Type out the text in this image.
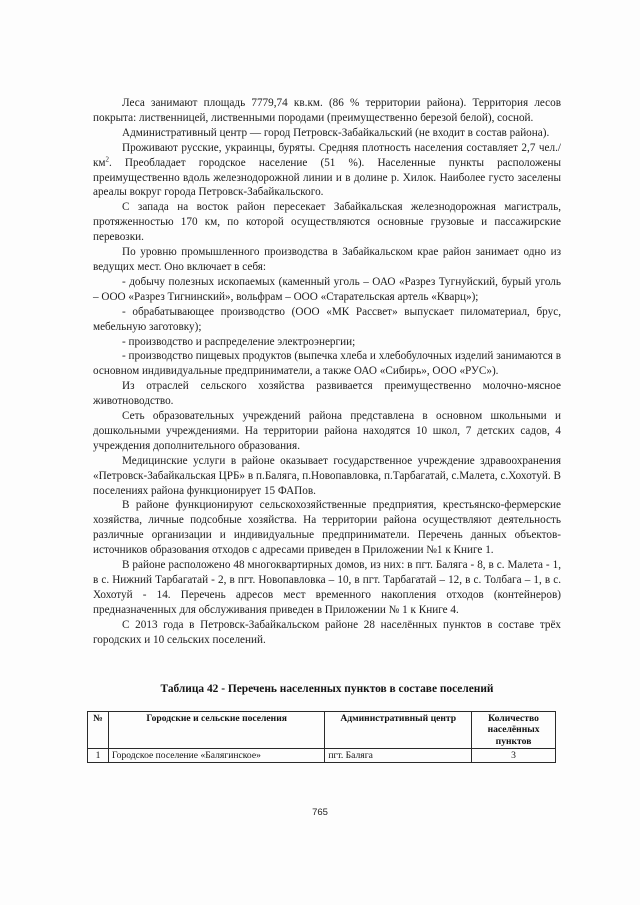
Леса занимают площадь 7779,74 кв.км. (86 % территории района). Территория лесов покрыта: лиственницей, лиственными породами (преимущественно березой белой), сосной.

Административный центр — город Петровск-Забайкальский (не входит в состав района).

Проживают русские, украинцы, буряты. Средняя плотность населения составляет 2,7 $чел./км^2$. Преобладает городское население (51 %). Населенные пункты расположены преимущественно вдоль железнодорожной линии и в долине р. Хилок. Наиболее густо заселены ареалы вокруг города Петровск-Забайкальского.

С запада на восток район пересекает Забайкальская железнодорожная магистраль, протяженностью 170 км, по которой осуществляются основные грузовые и пассажирские перевозки.

По уровню промышленного производства в Забайкальском крае район занимает одно из ведущих мест. Оно включает в себя:

- добычу полезных ископаемых (каменный уголь – ОАО «Разрез Тугнуйский, бурый уголь – ООО «Разрез Тигнинский», вольфрам – ООО «Старательская артель «Кварц»);

- обрабатывающее производство (ООО «МК Рассвет» выпускает пиломатериал, брус, мебельную заготовку);

- производство и распределение электроэнергии;

- производство пищевых продуктов (выпечка хлеба и хлебобулочных изделий занимаются в основном индивидуальные предприниматели, а также ОАО «Сибирь», ООО «РУС»).

Из отраслей сельского хозяйства развивается преимущественно молочно-мясное животноводство.

Сеть образовательных учреждений района представлена в основном школьными и дошкольными учреждениями. На территории района находятся 10 школ, 7 детских садов, 4 учреждения дополнительного образования.

Медицинские услуги в районе оказывает государственное учреждение здравоохранения «Петровск-Забайкальская ЦРБ» в п.Баляга, п.Новопавловка, п.Тарбагатай, с.Малета, с.Хохотуй. В поселениях района функционирует 15 ФАПов.

В районе функционируют сельскохозяйственные предприятия, крестьянско-фермерские хозяйства, личные подсобные хозяйства. На территории района осуществляют деятельность различные организации и индивидуальные предприниматели. Перечень данных объектов-источников образования отходов с адресами приведен в Приложении №1 к Книге 1.

В районе расположено 48 многоквартирных домов, из них: в пгт. Баляга - 8, в с. Малета - 1, в с. Нижний Тарбагатай - 2, в пгт. Новопавловка – 10, в пгт. Тарбагатай – 12, в с. Толбага – 1, в с. Хохотуй - 14. Перечень адресов мест временного накопления отходов (контейнеров) предназначенных для обслуживания приведен в Приложении № 1 к Книге 4.

С 2013 года в Петровск-Забайкальском районе 28 населённых пунктов в составе трёх городских и 10 сельских поселений.

Таблица 42 - Перечень населенных пунктов в составе поселений
№	Городские и сельские поселения	Административный центр	Количество населённых пунктов
1	Городское поселение «Балягинское»	пгт. Баляга	3
765
